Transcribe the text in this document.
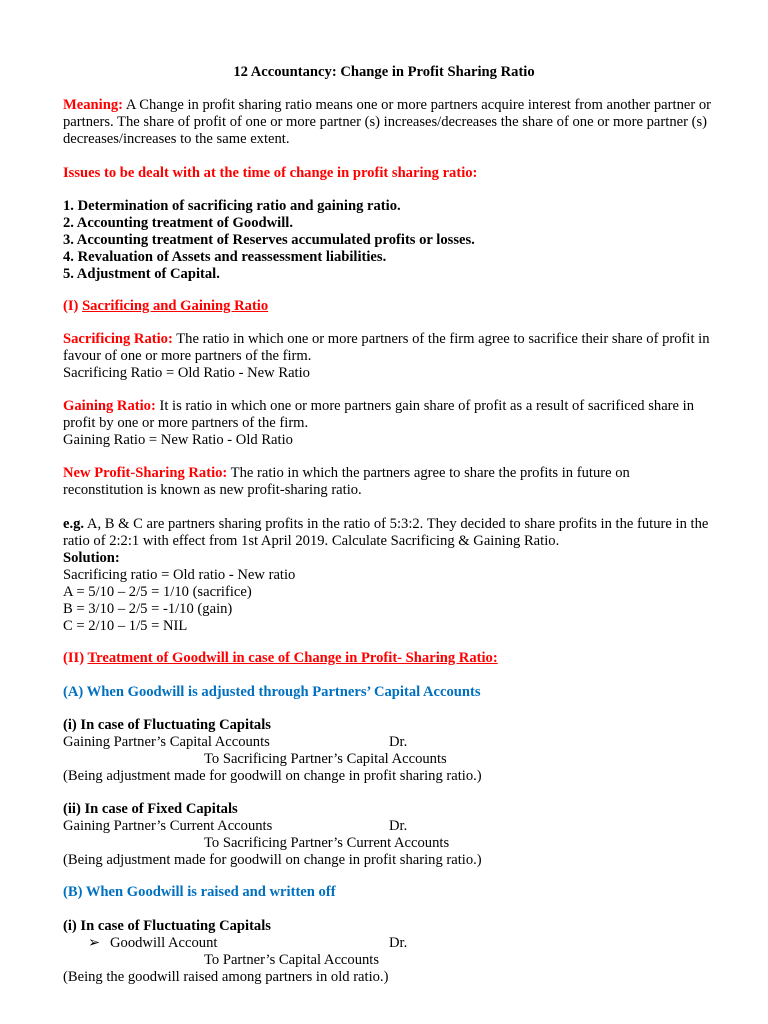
12 Accountancy: Change in Profit Sharing Ratio

Meaning: A Change in profit sharing ratio means one or more partners acquire interest from another partner or partners. The share of profit of one or more partner (s) increases/decreases the share of one or more partner (s) decreases/increases to the same extent.

Issues to be dealt with at the time of change in profit sharing ratio:

1. Determination of sacrificing ratio and gaining ratio.
2. Accounting treatment of Goodwill.
3. Accounting treatment of Reserves accumulated profits or losses.
4. Revaluation of Assets and reassessment liabilities.
5. Adjustment of Capital.

(I) Sacrificing and Gaining Ratio

Sacrificing Ratio: The ratio in which one or more partners of the firm agree to sacrifice their share of profit in favour of one or more partners of the firm.
Sacrificing Ratio = Old Ratio - New Ratio
Gaining Ratio: It is ratio in which one or more partners gain share of profit as a result of sacrificed share in profit by one or more partners of the firm.
Gaining Ratio = New Ratio - Old Ratio

New Profit-Sharing Ratio: The ratio in which the partners agree to share the profits in future on reconstitution is known as new profit-sharing ratio.

e.g. A, B & C are partners sharing profits in the ratio of 5:3:2. They decided to share profits in the future in the ratio of 2:2:1 with effect from 1st April 2019. Calculate Sacrificing & Gaining Ratio.
Solution:
Sacrificing ratio = Old ratio - New ratio
A = 5/10 – 2/5 = 1/10 (sacrifice)
B = 3/10 – 2/5 = -1/10 (gain)
C = 2/10 – 1/5 = NIL

(II) Treatment of Goodwill in case of Change in Profit- Sharing Ratio:

(A) When Goodwill is adjusted through Partners’ Capital Accounts

(i) In case of Fluctuating Capitals
Gaining Partner’s Capital Accounts	Dr.
To Sacrificing Partner’s Capital Accounts
(Being adjustment made for goodwill on change in profit sharing ratio.)
(ii) In case of Fixed Capitals
Gaining Partner’s Current Accounts	Dr.
To Sacrificing Partner’s Current Accounts
(Being adjustment made for goodwill on change in profit sharing ratio.)

(B) When Goodwill is raised and written off

(i) In case of Fluctuating Capitals
➢ Goodwill Account	Dr.
To Partner’s Capital Accounts
(Being the goodwill raised among partners in old ratio.)
